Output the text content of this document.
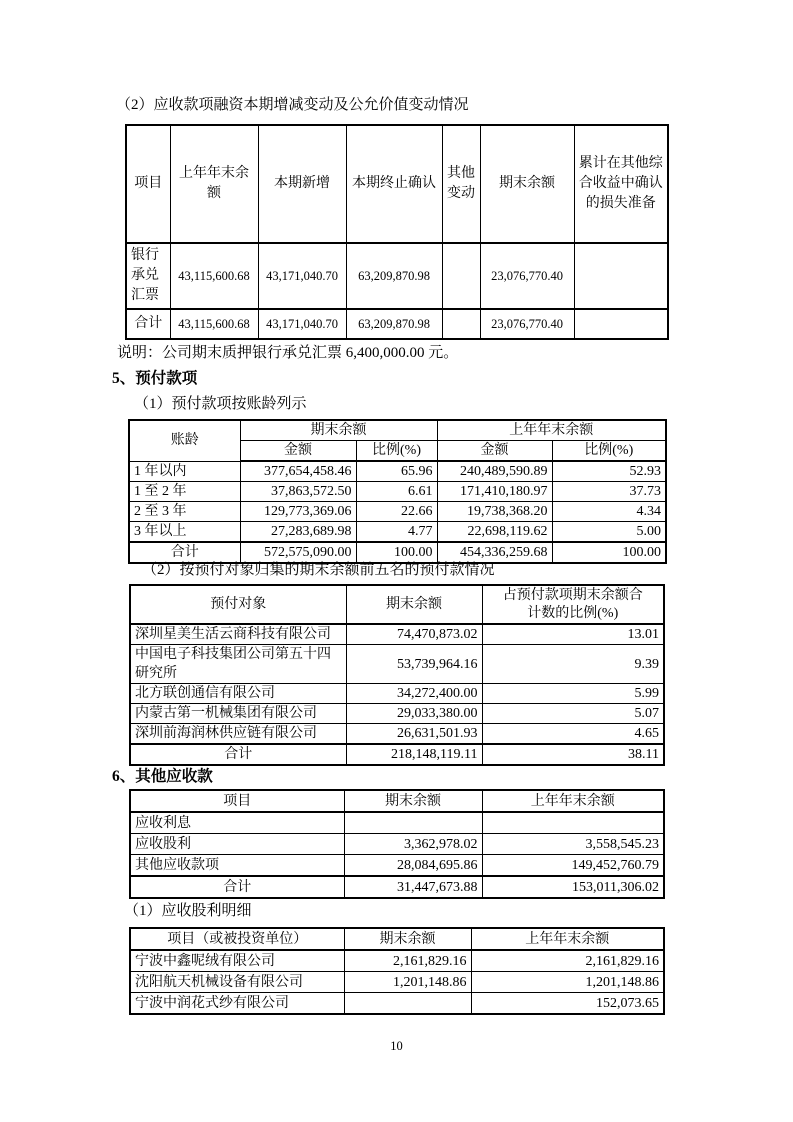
（2）应收款项融资本期增减变动及公允价值变动情况
项目	上年年末余额	本期新增	本期终止确认	其他变动	期末余额	累计在其他综合收益中确认的损失准备
银行承兑汇票	43,115,600.68	43,171,040.70	63,209,870.98		23,076,770.40	
合计	43,115,600.68	43,171,040.70	63,209,870.98		23,076,770.40	
说明：公司期末质押银行承兑汇票 6,400,000.00 元。
5、预付款项
（1）预付款项按账龄列示
账龄	期末余额		上年年末余额	
	金额	比例(%)	金额	比例(%)
1 年以内	377,654,458.46	65.96	240,489,590.89	52.93
1 至 2 年	37,863,572.50	6.61	171,410,180.97	37.73
2 至 3 年	129,773,369.06	22.66	19,738,368.20	4.34
3 年以上	27,283,689.98	4.77	22,698,119.62	5.00
合计	572,575,090.00	100.00	454,336,259.68	100.00
（2）按预付对象归集的期末余额前五名的预付款情况
预付对象	期末余额	占预付款项期末余额合计数的比例(%)
深圳星美生活云商科技有限公司	74,470,873.02	13.01
中国电子科技集团公司第五十四研究所	53,739,964.16	9.39
北方联创通信有限公司	34,272,400.00	5.99
内蒙古第一机械集团有限公司	29,033,380.00	5.07
深圳前海润林供应链有限公司	26,631,501.93	4.65
合计	218,148,119.11	38.11
6、其他应收款
项目	期末余额	上年年末余额
应收利息		
应收股利	3,362,978.02	3,558,545.23
其他应收款项	28,084,695.86	149,452,760.79
合计	31,447,673.88	153,011,306.02
（1）应收股利明细
项目（或被投资单位）	期末余额	上年年末余额
宁波中鑫呢绒有限公司	2,161,829.16	2,161,829.16
沈阳航天机械设备有限公司	1,201,148.86	1,201,148.86
宁波中润花式纱有限公司		152,073.65
10
